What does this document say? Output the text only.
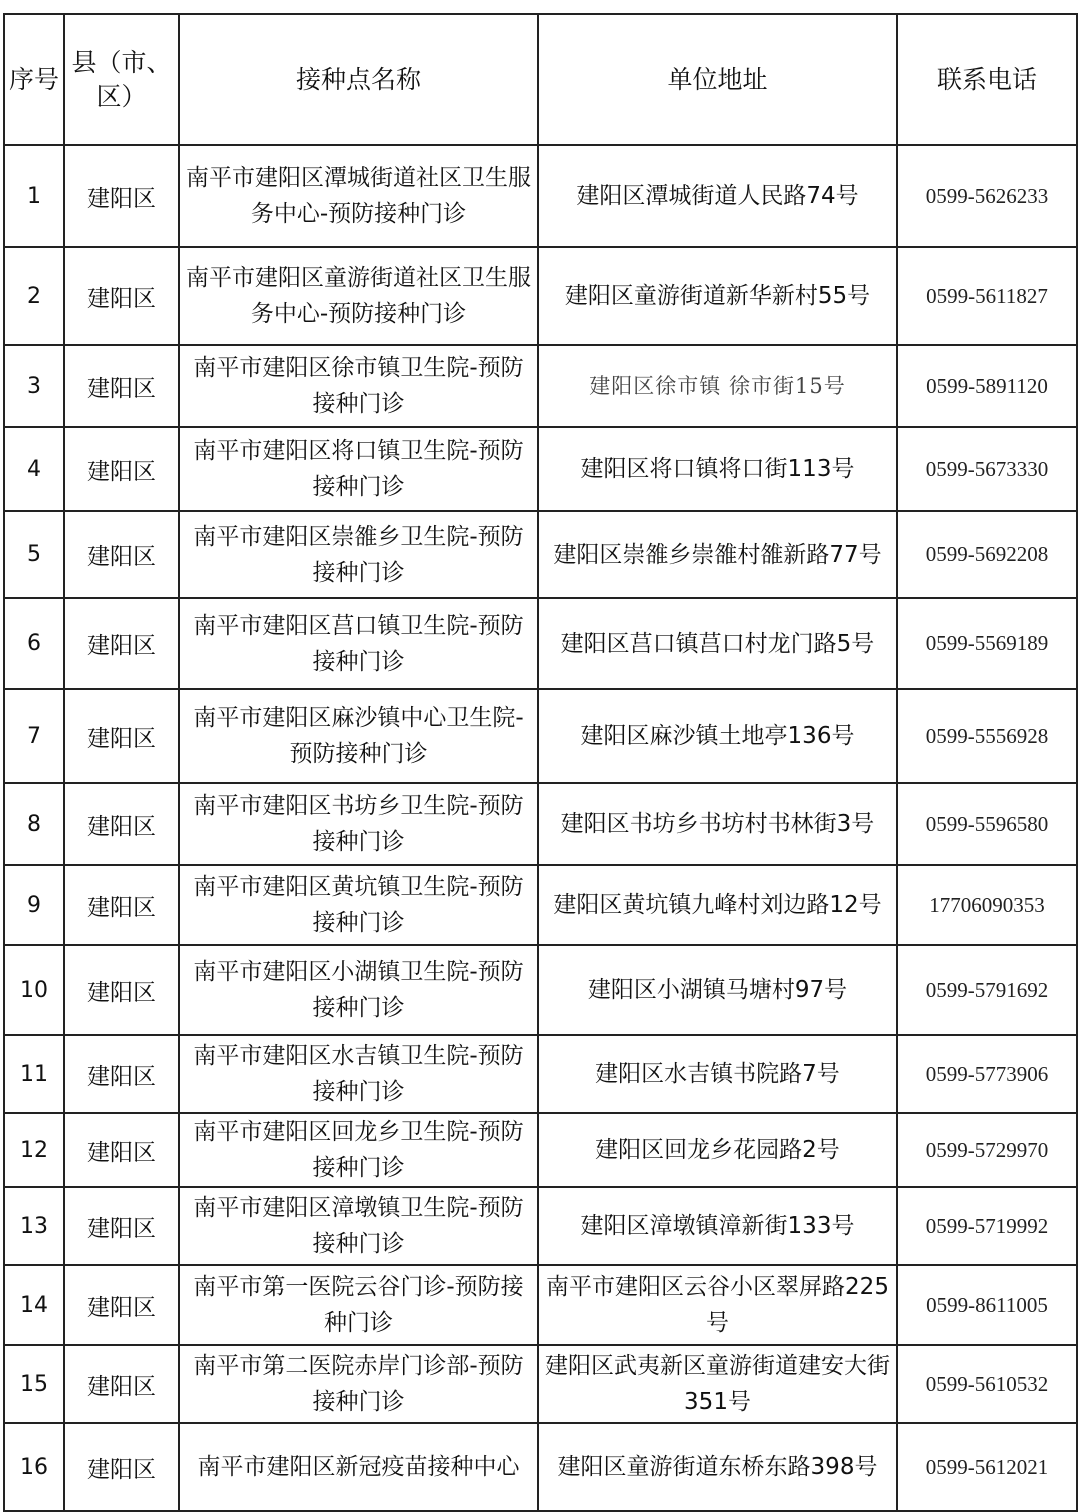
序号	县（市、区）	接种点名称	单位地址	联系电话
1	建阳区	南平市建阳区潭城街道社区卫生服务中心-预防接种门诊	建阳区潭城街道人民路74号	0599-5626233
2	建阳区	南平市建阳区童游街道社区卫生服务中心-预防接种门诊	建阳区童游街道新华新村55号	0599-5611827
3	建阳区	南平市建阳区徐市镇卫生院-预防接种门诊	建阳区徐市镇 徐市街15号	0599-5891120
4	建阳区	南平市建阳区将口镇卫生院-预防接种门诊	建阳区将口镇将口街113号	0599-5673330
5	建阳区	南平市建阳区崇雒乡卫生院-预防接种门诊	建阳区崇雒乡崇雒村雒新路77号	0599-5692208
6	建阳区	南平市建阳区莒口镇卫生院-预防接种门诊	建阳区莒口镇莒口村龙门路5号	0599-5569189
7	建阳区	南平市建阳区麻沙镇中心卫生院-预防接种门诊	建阳区麻沙镇土地亭136号	0599-5556928
8	建阳区	南平市建阳区书坊乡卫生院-预防接种门诊	建阳区书坊乡书坊村书林街3号	0599-5596580
9	建阳区	南平市建阳区黄坑镇卫生院-预防接种门诊	建阳区黄坑镇九峰村刘边路12号	17706090353
10	建阳区	南平市建阳区小湖镇卫生院-预防接种门诊	建阳区小湖镇马塘村97号	0599-5791692
11	建阳区	南平市建阳区水吉镇卫生院-预防接种门诊	建阳区水吉镇书院路7号	0599-5773906
12	建阳区	南平市建阳区回龙乡卫生院-预防接种门诊	建阳区回龙乡花园路2号	0599-5729970
13	建阳区	南平市建阳区漳墩镇卫生院-预防接种门诊	建阳区漳墩镇漳新街133号	0599-5719992
14	建阳区	南平市第一医院云谷门诊-预防接种门诊	南平市建阳区云谷小区翠屏路225号	0599-8611005
15	建阳区	南平市第二医院赤岸门诊部-预防接种门诊	建阳区武夷新区童游街道建安大街351号	0599-5610532
16	建阳区	南平市建阳区新冠疫苗接种中心	建阳区童游街道东桥东路398号	0599-5612021
